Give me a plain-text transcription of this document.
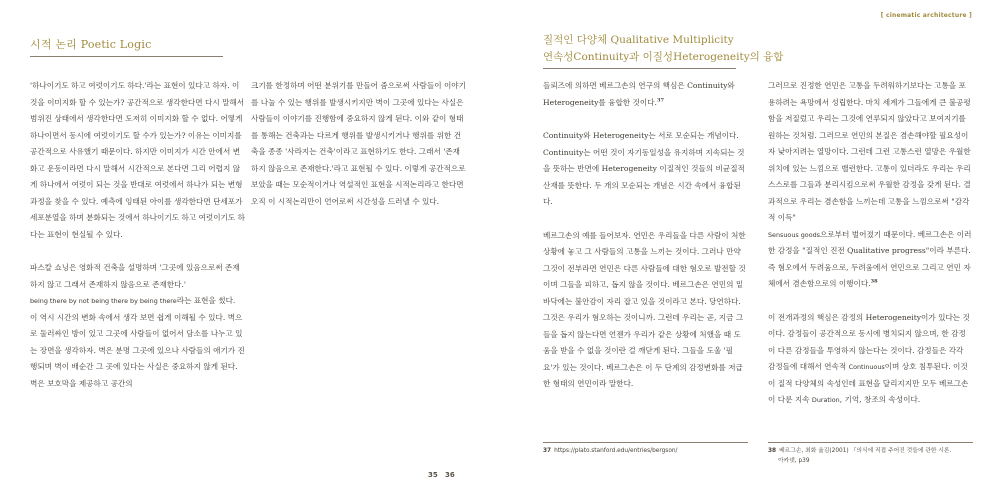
[ cinematic architecture ]
시적 논리 Poetic Logic

'하나이기도 하고 여럿이기도 하다.'라는 표현이 있다고 하자. 이것을 이미지화 할 수 있는가? 공간적으로 생각한다면 다시 말해서 범위진 상태에서 생각한다면 도저히 이미지화 할 수 없다. 어떻게 하나이면서 동시에 여럿이기도 할 수가 있는가? 이유는 이미지를 공간적으로 사유했기 때문이다. 하지만 이미지가 시간 안에서 변화고 운동이라면 다시 말해서 시간적으로 본다면 그리 어렵지 않게 하나에서 여럿이 되는 것을 반대로 여럿에서 하나가 되는 변형과정을 찾을 수 있다. 예측에 잉태된 아이를 생각한다면 단세포가 세포분열을 하며 분화되는 것에서 하나이기도 하고 여럿이기도 하다는 표현이 현실될 수 있다.

파스칼 쇼닝은 영화적 건축을 설명하며 '그곳에 있음으로써 존재하지 않고 그래서 존재하지 않음으로 존재한다.'
being there by not being there by being there라는 표현을 썼다. 이 역시 시간의 변화 속에서 생각 보면 쉽게 이해될 수 있다. 벽으로 둘러싸인 방이 있고 그곳에 사람들이 없어서 담소를 나누고 있는 장면을 생각하자. 벽은 분명 그곳에 있으나 사람들의 애기가 진행되며 벽이 배순간 그 곳에 있다는 사실은 중요하지 않게 된다. 벽은 보호막을 제공하고 공간의

크기를 한정하며 어떤 분위기를 만들어 줌으로써 사람들이 이야기를 나눌 수 있는 행위를 발생시키지만 벽이 그곳에 있다는 사실은 사람들이 이야기를 진행함에 중요하지 않게 된다. 이와 같이 형태를 통해는 건축과는 다르게 행위를 발생시키거나 행위를 위한 건축을 종종 '사라지는 건축'이라고 표현하기도 한다. 그래서 '존재하지 않음으로 존재한다.'라고 표현될 수 있다. 이렇게 공간적으로 보았을 때는 모순적이거나 역설적인 표현을 시적논리라고 한다면 오직 이 시적논리만이 언어로써 시간성을 드러낼 수 있다.

35 36
질적인 다양체 Qualitative Multiplicity
연속성Continuity과 이질성Heterogeneity의 융합

들뢰즈에 의하면 베르그손의 연구의 핵심은 Continuity와 Heterogeneity를 융합한 것이다.$^{37}$

Continuity와 Heterogeneity는 서로 모순되는 개념이다. Continuity는 어떤 것이 자기동일성을 유지하며 지속되는 것을 뜻하는 반면에 Heterogeneity 이질적인 것들의 비균질적 산재를 뜻한다. 두 개의 모순되는 개념은 시간 속에서 융합된다.

베르그손의 예를 들어보자. 연민은 우리들을 다른 사람이 처한 상황에 놓고 그 사람들의 고통을 느끼는 것이다. 그러나 만약 그것이 전부라면 연민은 다른 사람들에 대한 혐오로 발전할 것이며 그들을 피하고, 돕지 않을 것이다. 베르그손은 연민의 밑바닥에는 불안감이 자리 잡고 있을 것이라고 본다. 당연하다. 그것은 우리가 혐오하는 것이니까. 그런데 우리는 곧, 지금 그들을 돕지 않는다면 언젠가 우리가 같은 상황에 처했을 때 도움을 받을 수 없을 것이란 걸 깨닫게 된다. 그들을 도울 '필요'가 있는 것이다. 베르그손은 이 두 단계의 감정변화를 저급한 형태의 연민이라 말한다.

그러므로 진정한 연민은 고통을 두려워하기보다는 고통을 포용하려는 욕망에서 성립한다. 마치 세계가 그들에게 큰 불공평함을 저질렀고 우리는 그것에 연루되지 않았다고 보여지기를 원하는 것처럼. 그러므로 연민의 본질은 겸손해야할 필요성이자 낮아지려는 열망이다. 그런데 그런 고통스런 열망은 우월한 위치에 있는 느낌으로 밸런한다. 고통이 있더라도 우리는 우리 스스로를 그들과 분리시킴으로써 우월한 감정을 갖게 된다. 결과적으로 우리는 겸손함을 느끼는데 고통을 느낌으로써 "감각적 이득"
Sensuous goods으로부터 벌어졌기 때문이다. 베르그손은 이러한 감정을 "질적인 진전 Qualitative progress"이라 부른다. 즉 혐오에서 두려움으로, 두려움에서 연민으로 그리고 연민 자체에서 겸손함으로의 이행이다.$^{38}$

이 전개과정의 핵심은 감정의 Heterogeneity이가 있다는 것이다. 감정들이 공간적으로 동시에 병치되지 않으며, 한 감정이 다른 감정들을 투영하지 않는다는 것이다. 감정들은 각각 감정들에 대해서 연속적 Continuous이며 상호 침투된다. 이것이 질적 다양체의 속성인데 표현을 달리지지만 모두 베르그손이 다룬 지속 Duration, 기억, 창조의 속성이다.

37 https://plato.stanford.edu/entries/bergson/	38 베르그손, 최화 옮김(2001) 『의식에 직접 주어진 것들에 관한 시론.
아카넷, p39
